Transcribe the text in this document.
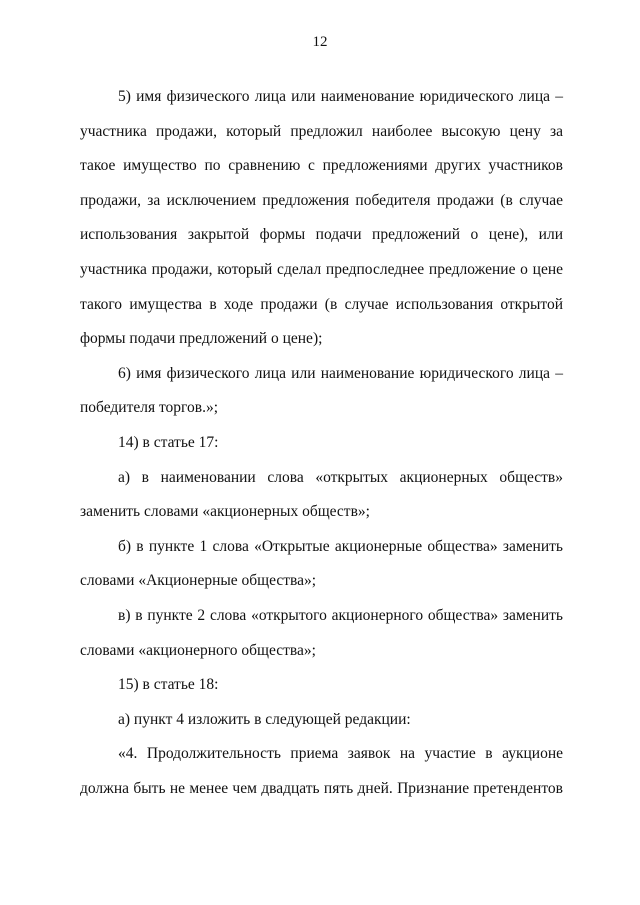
12

5) имя физического лица или наименование юридического лица – участника продажи, который предложил наиболее высокую цену за такое имущество по сравнению с предложениями других участников продажи, за исключением предложения победителя продажи (в случае использования закрытой формы подачи предложений о цене), или участника продажи, который сделал предпоследнее предложение о цене такого имущества в ходе продажи (в случае использования открытой формы подачи предложений о цене);

6) имя физического лица или наименование юридического лица – победителя торгов.»;

14) в статье 17:

а) в наименовании слова «открытых акционерных обществ» заменить словами «акционерных обществ»;

б) в пункте 1 слова «Открытые акционерные общества» заменить словами «Акционерные общества»;

в) в пункте 2 слова «открытого акционерного общества» заменить словами «акционерного общества»;

15) в статье 18:

а) пункт 4 изложить в следующей редакции:

«4. Продолжительность приема заявок на участие в аукционе должна быть не менее чем двадцать пять дней. Признание претендентов
